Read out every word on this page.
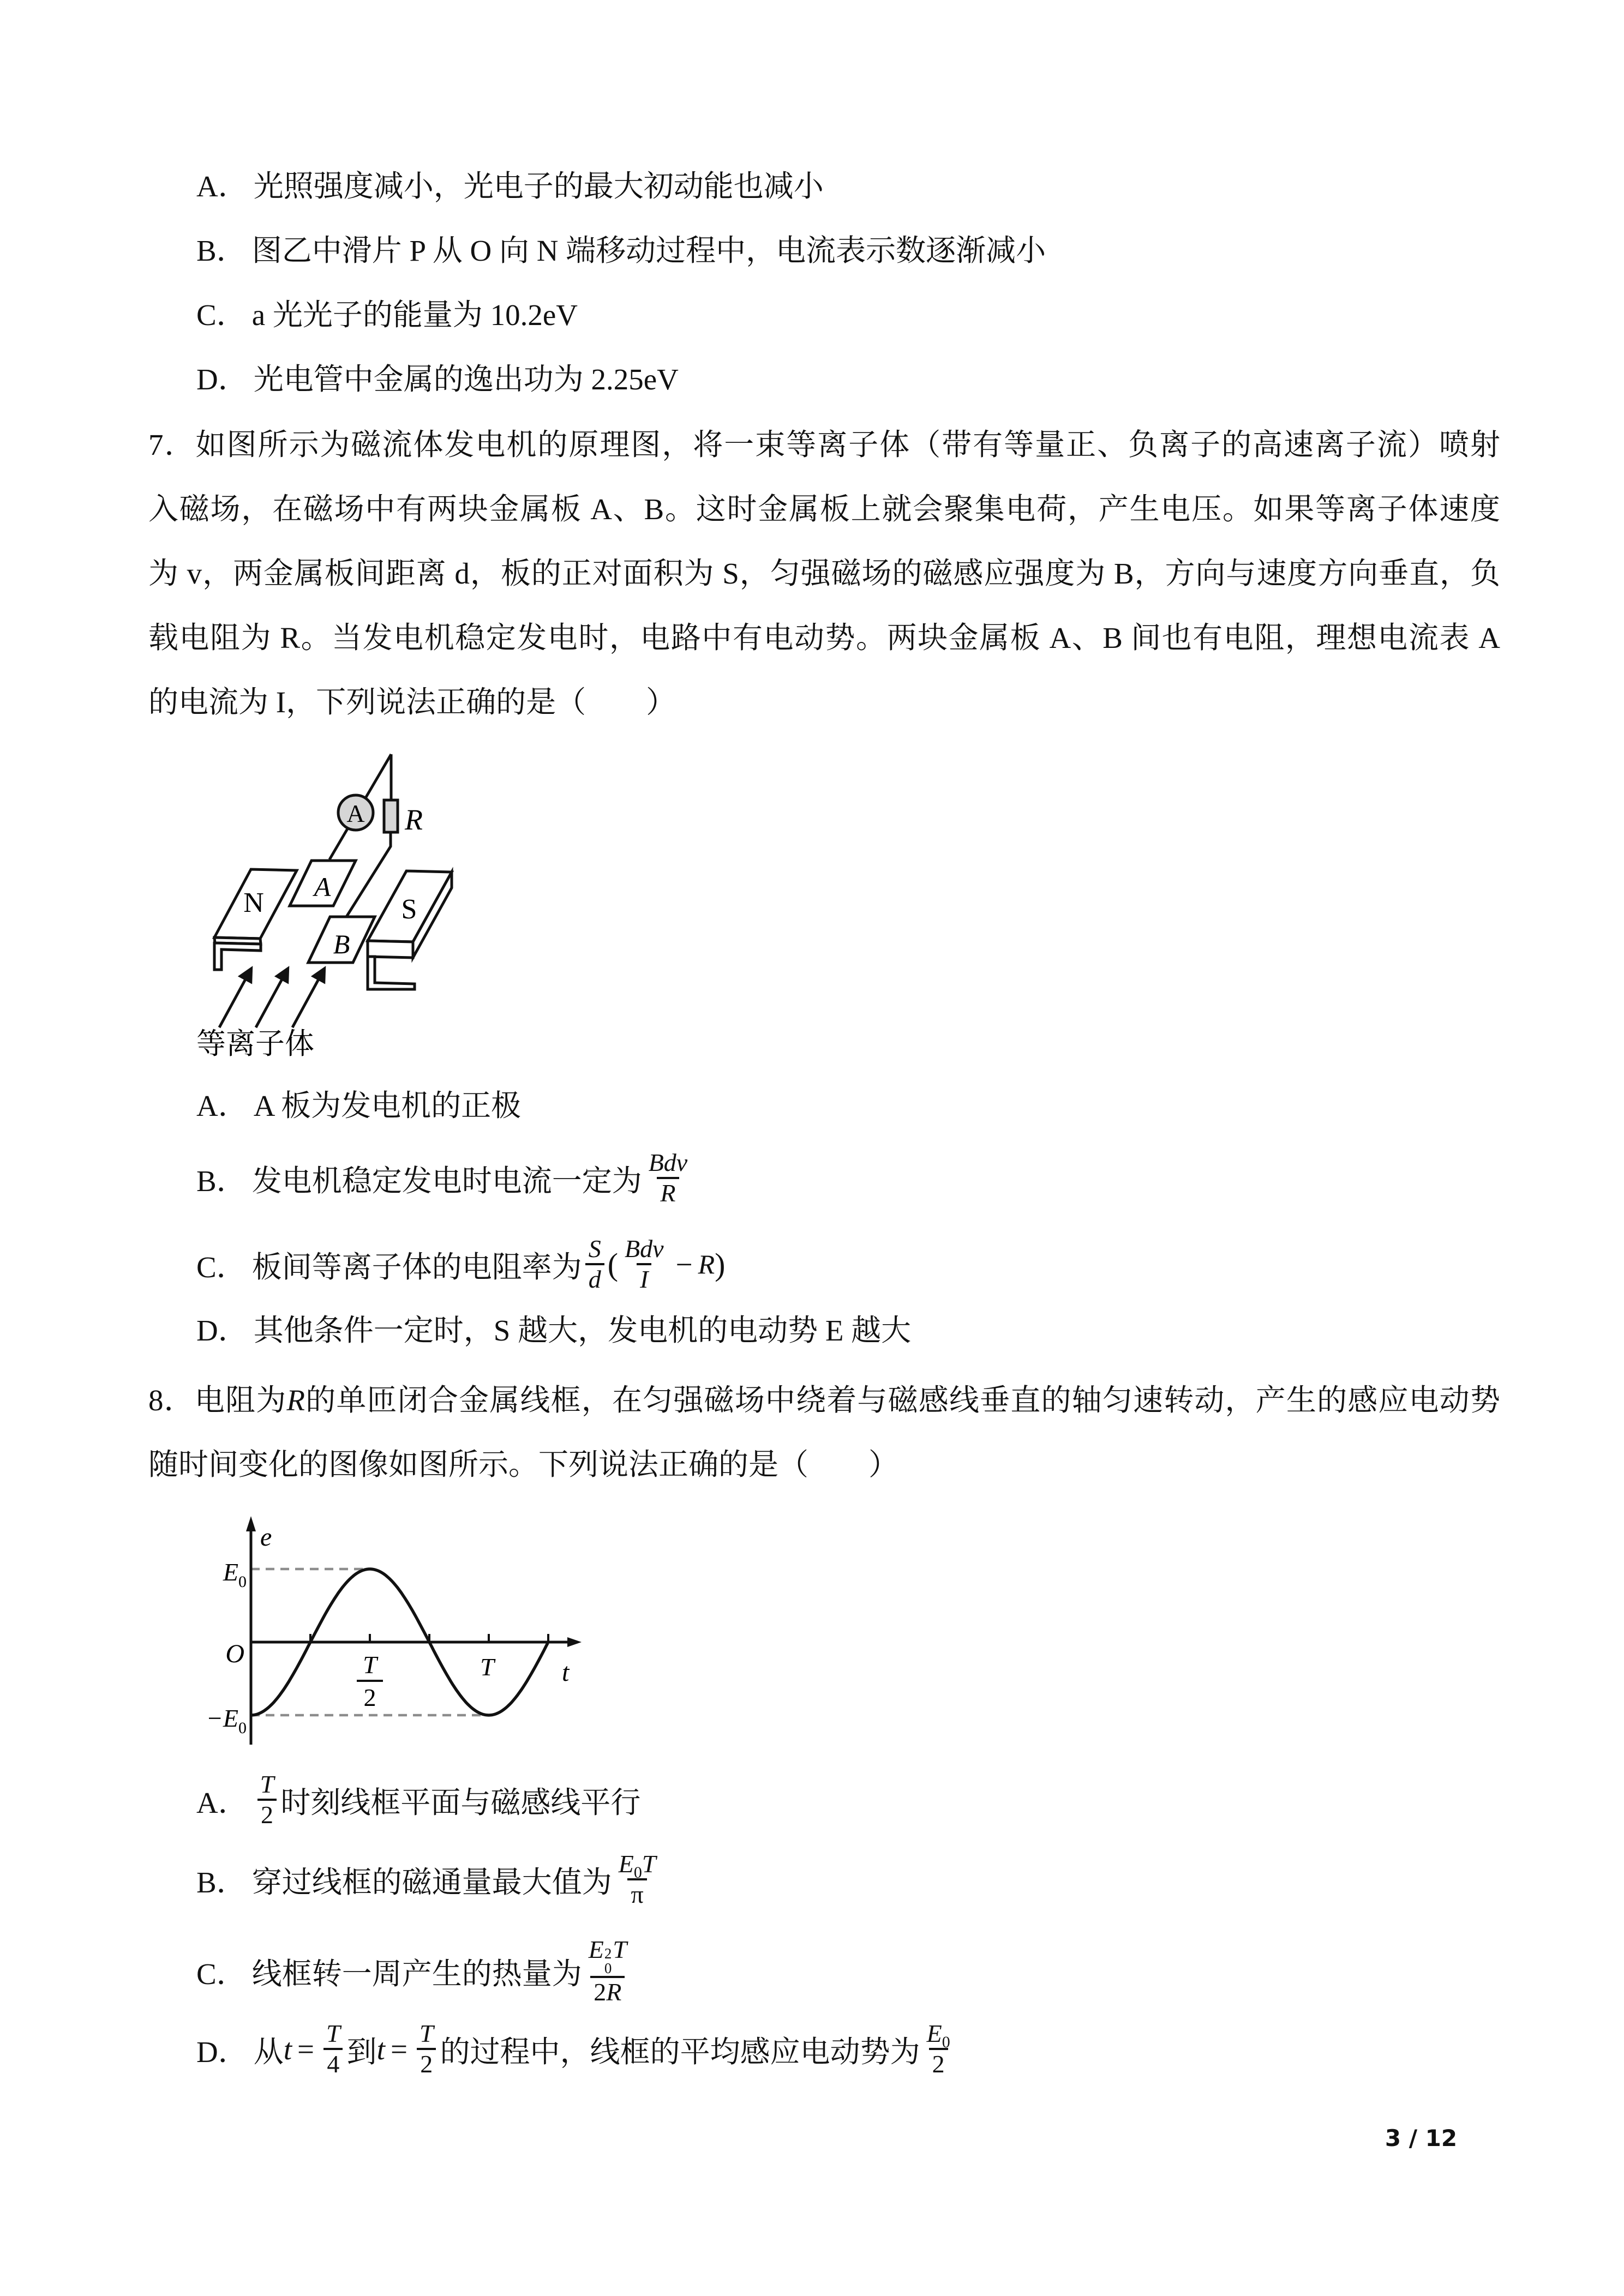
A． 光照强度减小，光电子的最大初动能也减小
B． 图乙中滑片 P 从 O 向 N 端移动过程中，电流表示数逐渐减小
C． a 光光子的能量为 10.2eV
D． 光电管中金属的逸出功为 2.25eV
7．如图所示为磁流体发电机的原理图，将一束等离子体（带有等量正、负离子的高速离子流）喷射
入磁场，在磁场中有两块金属板 A、B。这时金属板上就会聚集电荷，产生电压。如果等离子体速度
为 v，两金属板间距离 d，板的正对面积为 S，匀强磁场的磁感应强度为 B，方向与速度方向垂直，负
载电阻为 R。当发电机稳定发电时，电路中有电动势。两块金属板 A、B 间也有电阻，理想电流表 A
的电流为 I，下列说法正确的是（　　）
N	S
A
B
A R
等离子体
A． A 板为发电机的正极
B． 发电机稳定发电时电流一定为 $\frac{\text{Bdv}}{R}$
C． 板间等离子体的电阻率为 $\frac{S}{d}$ ( $\frac{\text{Bdv}}{I} - R$ )
D． 其他条件一定时，S 越大，发电机的电动势 E 越大
8．电阻为R的单匝闭合金属线框，在匀强磁场中绕着与磁感线垂直的轴匀速转动，产生的感应电动势
随时间变化的图像如图所示。下列说法正确的是（　　）
e
t
O
$E_0$
$-E_0$
T
2
T
A． $\frac{T}{2}$ 时刻线框平面与磁感线平行
B． 穿过线框的磁通量最大值为 $\frac{E_0T}{\pi}$
C． 线框转一周产生的热量为 E 2
0
T
2R
D． 从 $t = \frac{T}{4}$ 到 $t = \frac{T}{2}$ 的过程中，线框的平均感应电动势为 $\frac{E_0}{2}$
3 / 12
